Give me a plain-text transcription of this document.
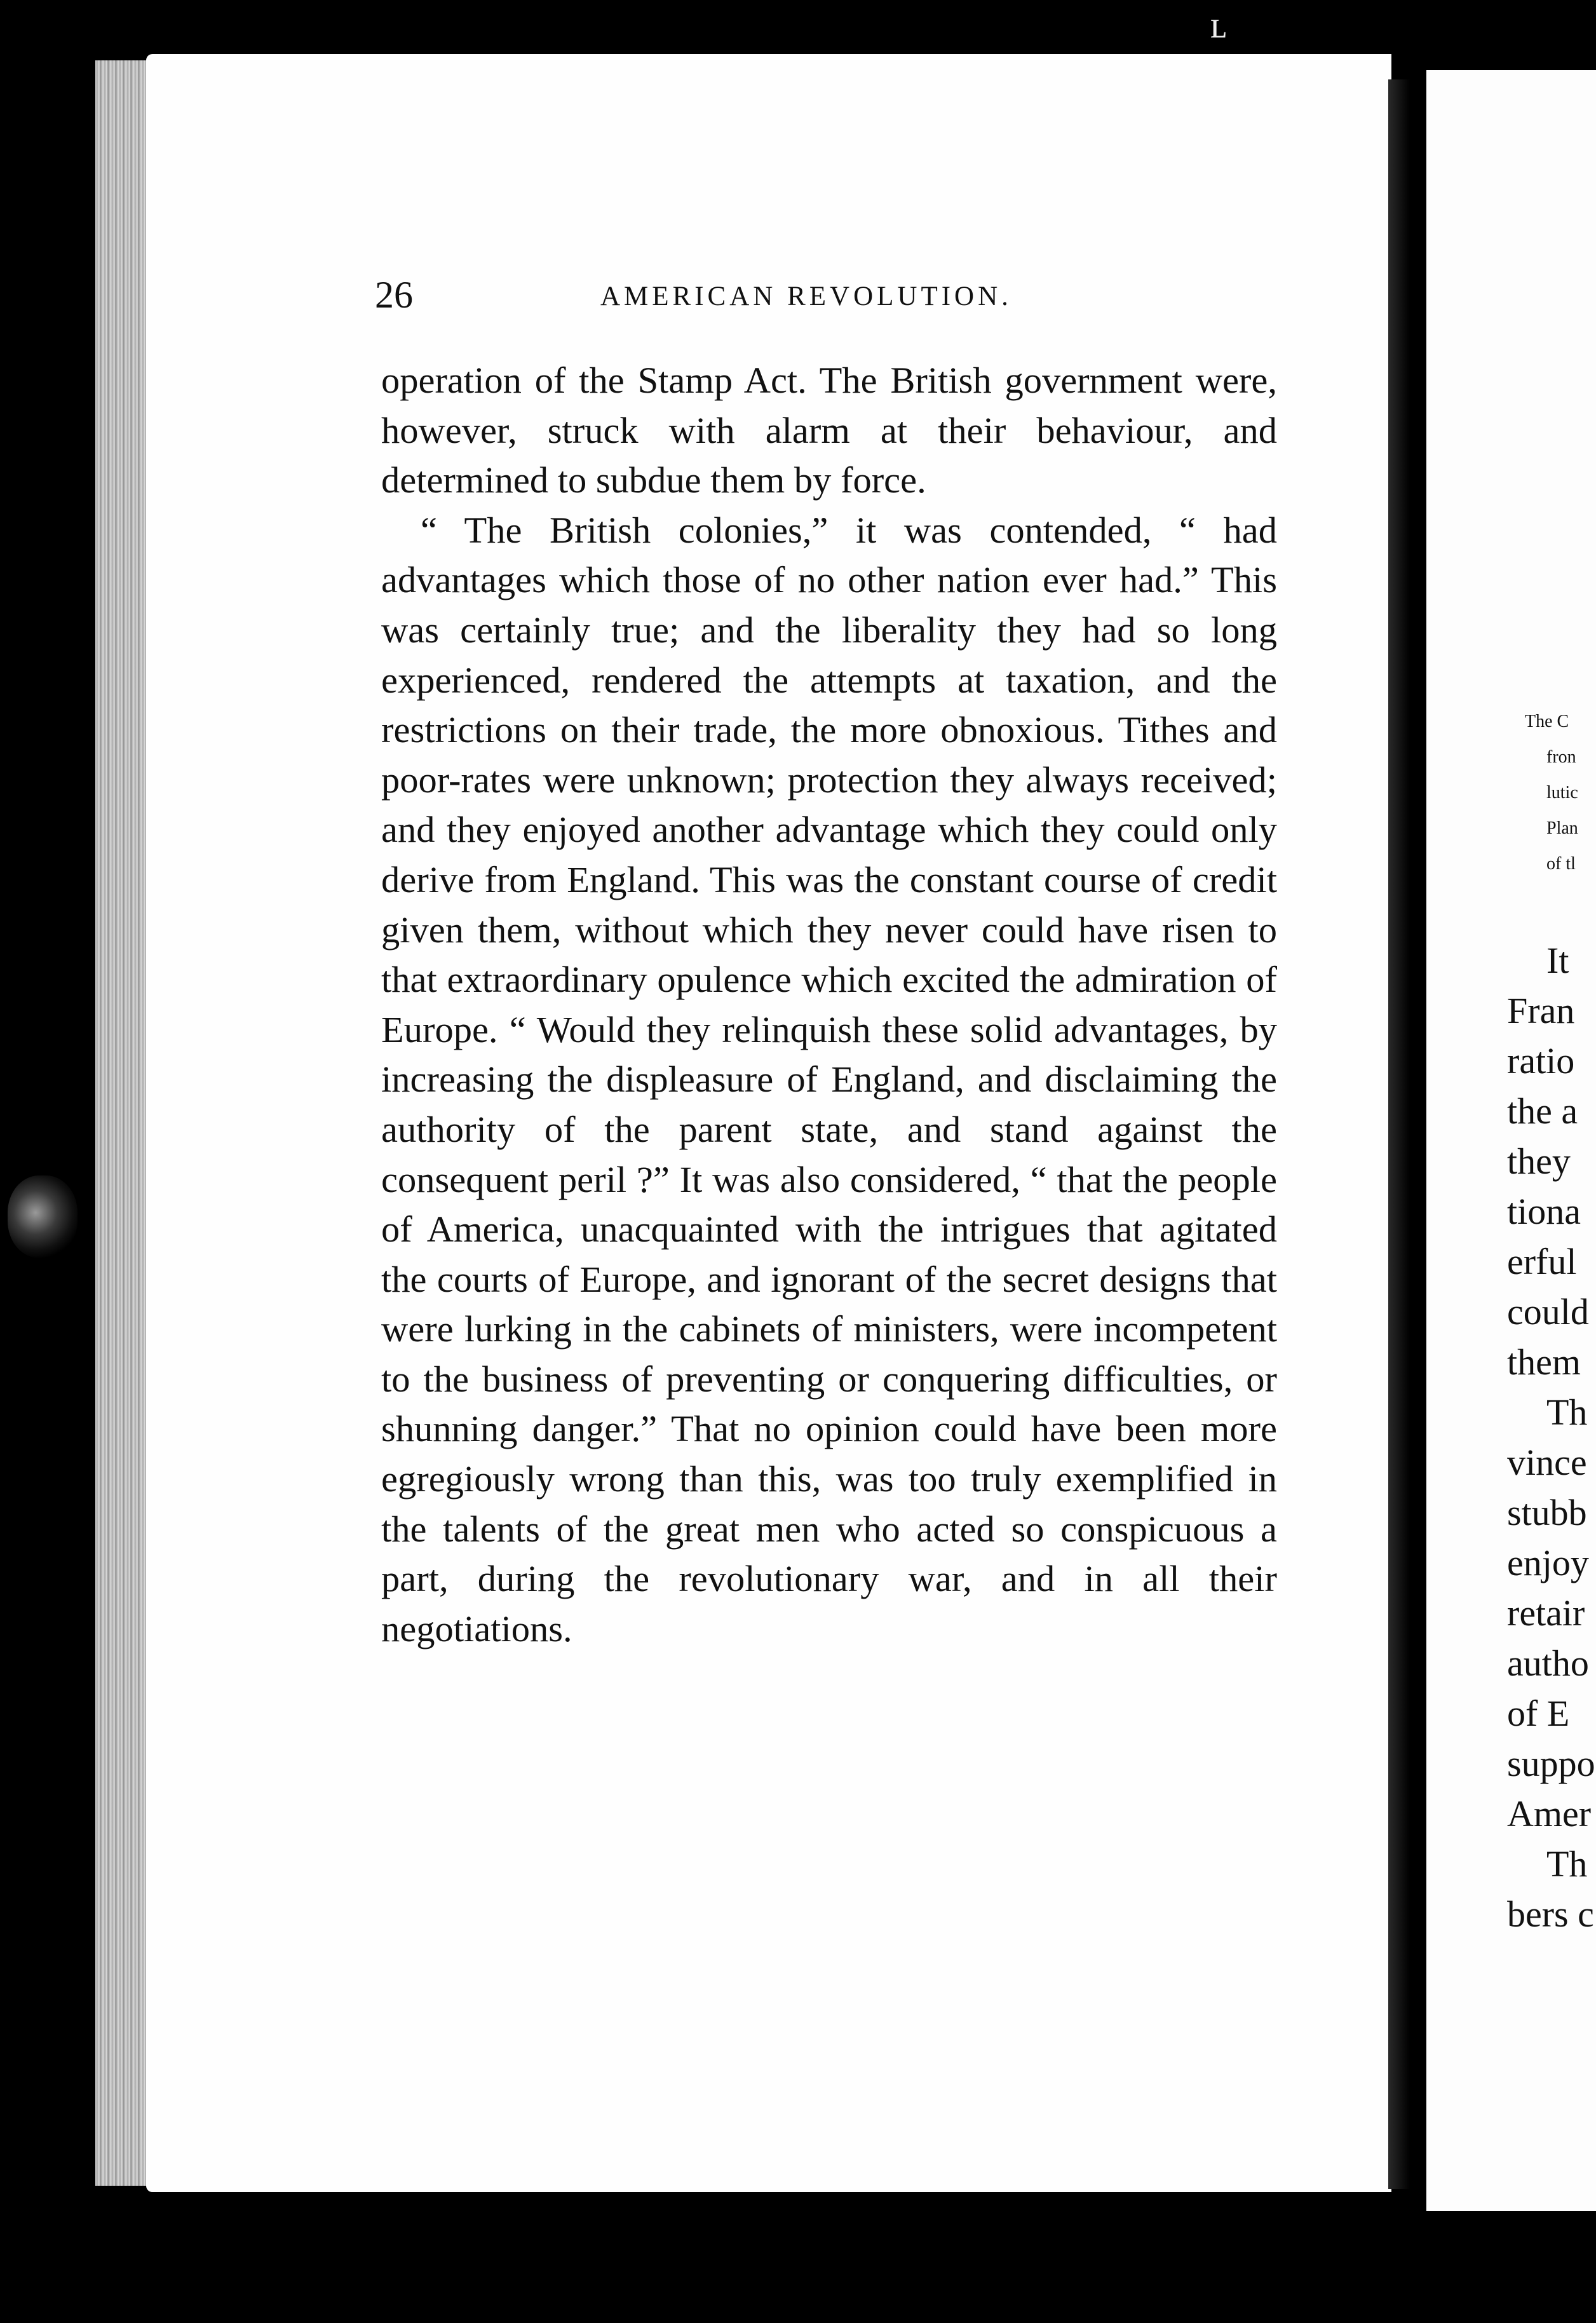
ʟ
26	AMERICAN REVOLUTION.

operation of the Stamp Act. The British government were, however, struck with alarm at their behaviour, and determined to subdue them by force.

“ The British colonies,” it was contended, “ had advantages which those of no other nation ever had.” This was certainly true; and the liberality they had so long experienced, rendered the attempts at taxation, and the restrictions on their trade, the more obnoxious. Tithes and poor-rates were unknown; protection they always received; and they enjoyed another advantage which they could only derive from England. This was the constant course of credit given them, without which they never could have risen to that extraordinary opulence which excited the admiration of Europe. “ Would they relinquish these solid advantages, by increasing the displeasure of England, and disclaiming the authority of the parent state, and stand against the consequent peril ?” It was also considered, “ that the people of America, unacquainted with the intrigues that agitated the courts of Europe, and ignorant of the secret designs that were lurking in the cabinets of ministers, were incompetent to the business of preventing or conquering difficulties, or shunning danger.” That no opinion could have been more egregiously wrong than this, was too truly exemplified in the talents of the great men who acted so conspicuous a part, during the revolutionary war, and in all their negotiations.

The C
fron
lutic
Plan
of tl
It
Fran
ratio
the a
they
tiona
erful
could
them
Th
vince
stubb
enjoy
retair
autho
of E
suppo
Amer
Th
bers c
